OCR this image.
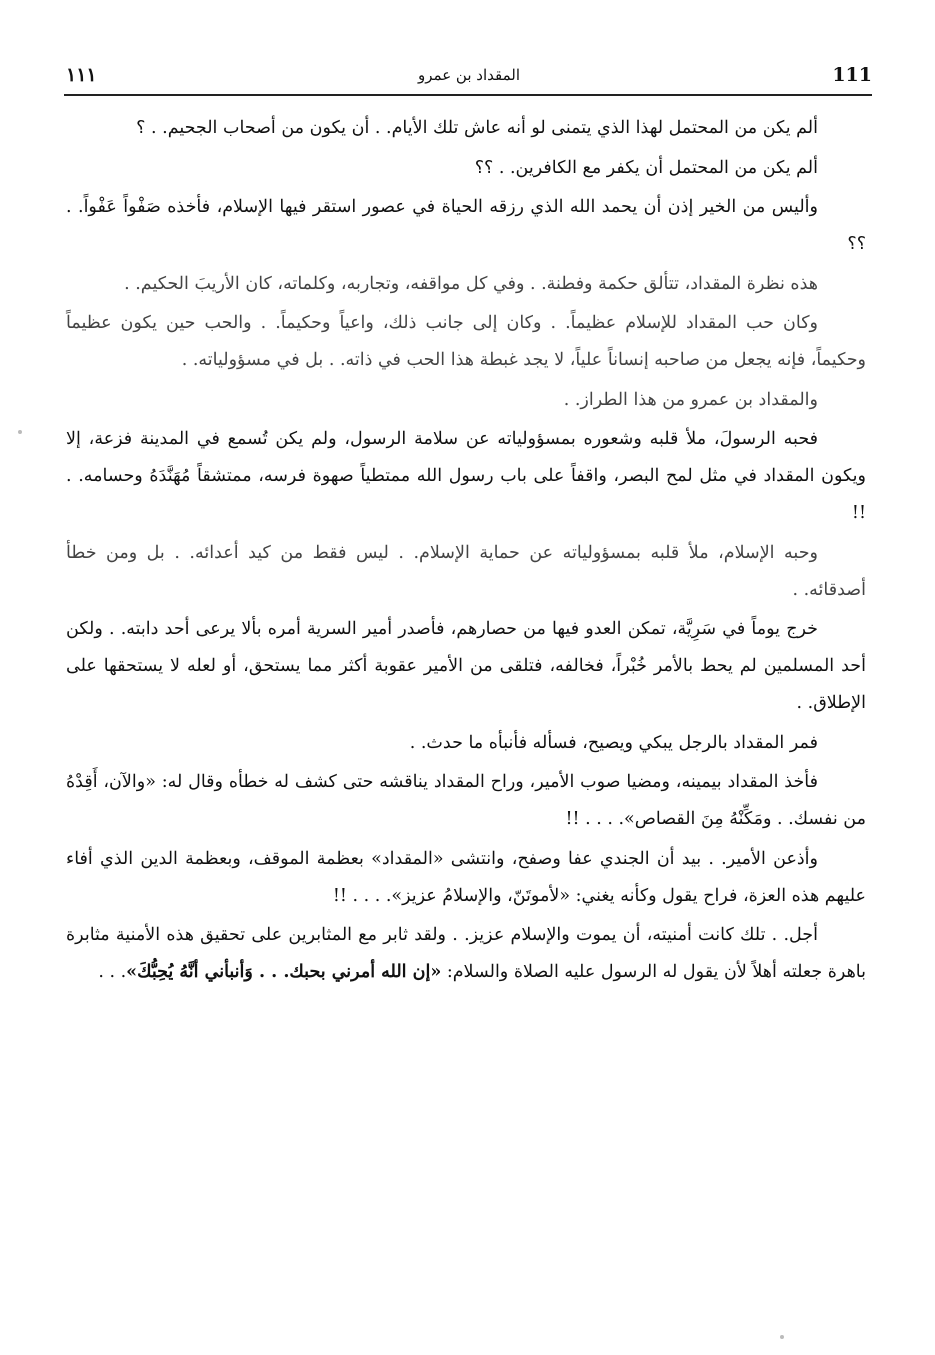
١١١	المقداد بن عمرو	111

ألم يكن من المحتمل لهذا الذي يتمنى لو أنه عاش تلك الأيام. . أن يكون من أصحاب الجحيم. . ؟

ألم يكن من المحتمل أن يكفر مع الكافرين. . ؟؟

وأليس من الخير إذن أن يحمد الله الذي رزقه الحياة في عصور استقر فيها الإسلام، فأخذه صَفْواً عَفْواً. . ؟؟

هذه نظرة المقداد، تتألق حكمة وفطنة. . وفي كل مواقفه، وتجاربه، وكلماته، كان الأريبَ الحكيم. .

وكان حب المقداد للإسلام عظيماً. . وكان إلى جانب ذلك، واعياً وحكيماً. . والحب حين يكون عظيماً وحكيماً، فإنه يجعل من صاحبه إنساناً علياً، لا يجد غبطة هذا الحب في ذاته. . بل في مسؤولياته. .

والمقداد بن عمرو من هذا الطراز. .

فحبه الرسولَ، ملأ قلبه وشعوره بمسؤولياته عن سلامة الرسول، ولم يكن تُسمع في المدينة فزعة، إلا ويكون المقداد في مثل لمح البصر، واقفاً على باب رسول الله ممتطياً صهوة فرسه، ممتشقاً مُهَنَّدَهُ وحسامه. . !!

وحبه الإسلام، ملأ قلبه بمسؤولياته عن حماية الإسلام. . ليس فقط من كيد أعدائه. . بل ومن خطأ أصدقائه. .

خرج يوماً في سَرِيَّة، تمكن العدو فيها من حصارهم، فأصدر أمير السرية أمره بألا يرعى أحد دابته. . ولكن أحد المسلمين لم يحط بالأمر خُبْراً، فخالفه، فتلقى من الأمير عقوبة أكثر مما يستحق، أو لعله لا يستحقها على الإطلاق. .

فمر المقداد بالرجل يبكي ويصيح، فسأله فأنبأه ما حدث. .

فأخذ المقداد بيمينه، ومضيا صوب الأمير، وراح المقداد يناقشه حتى كشف له خطأه وقال له: «والآن، أَقِدْهُ من نفسك. . ومَكِّنْهُ مِنَ القصاص». . . . !!

وأذعن الأمير. . بيد أن الجندي عفا وصفح، وانتشى «المقداد» بعظمة الموقف، وبعظمة الدين الذي أفاء عليهم هذه العزة، فراح يقول وكأنه يغني: «لأموتَنّ، والإسلامُ عزيز». . . . !!

أجل. . تلك كانت أمنيته، أن يموت والإسلام عزيز. . ولقد ثابر مع المثابرين على تحقيق هذه الأمنية مثابرة باهرة جعلته أهلاً لأن يقول له الرسول عليه الصلاة والسلام: «إن الله أمرني بحبك. . . وَأنبأني أنَّهُ يُحِبُّكَ». . .
